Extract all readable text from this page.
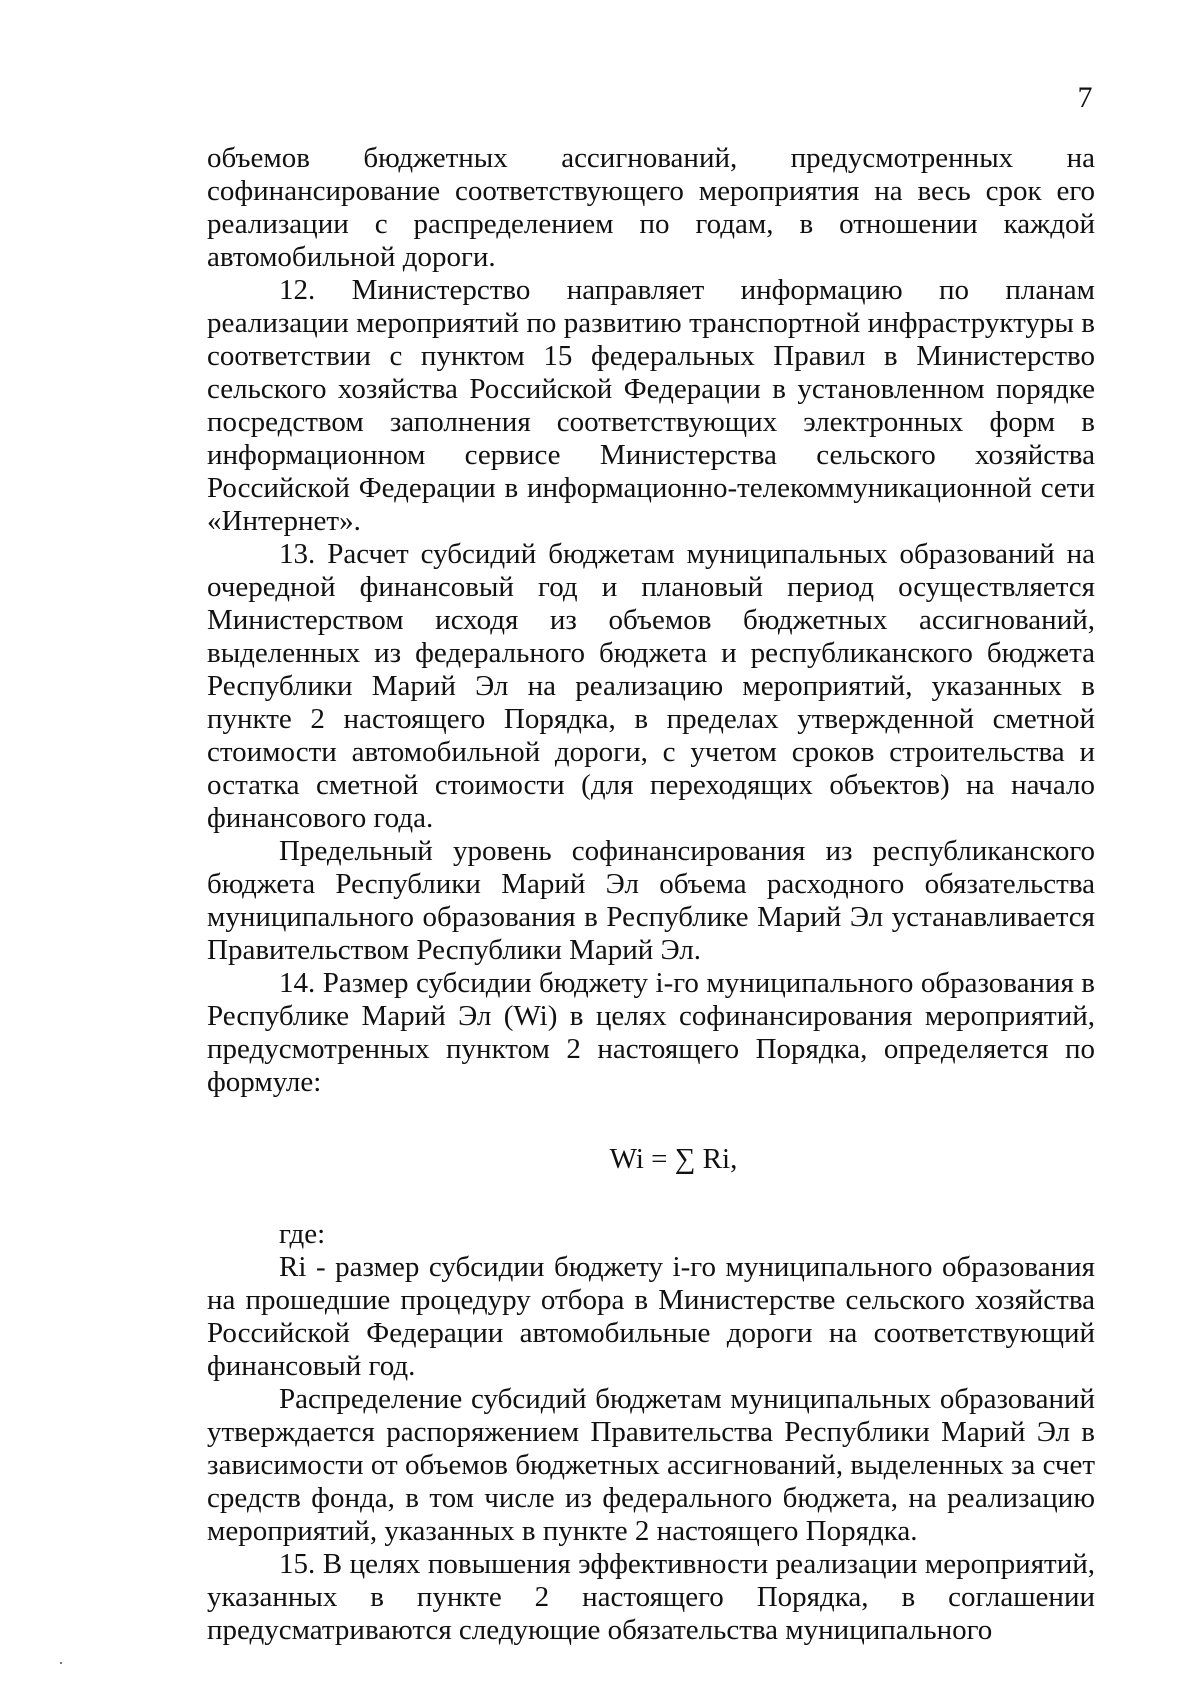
7

объемов бюджетных ассигнований, предусмотренных на софинансирование соответствующего мероприятия на весь срок его реализации с распределением по годам, в отношении каждой автомобильной дороги.

12. Министерство направляет информацию по планам реализации мероприятий по развитию транспортной инфраструктуры в соответствии с пунктом 15 федеральных Правил в Министерство сельского хозяйства Российской Федерации в установленном порядке посредством заполнения соответствующих электронных форм в информационном сервисе Министерства сельского хозяйства Российской Федерации в информационно-телекоммуникационной сети «Интернет».

13. Расчет субсидий бюджетам муниципальных образований на очередной финансовый год и плановый период осуществляется Министерством исходя из объемов бюджетных ассигнований, выделенных из федерального бюджета и республиканского бюджета Республики Марий Эл на реализацию мероприятий, указанных в пункте 2 настоящего Порядка, в пределах утвержденной сметной стоимости автомобильной дороги, с учетом сроков строительства и остатка сметной стоимости (для переходящих объектов) на начало финансового года.

Предельный уровень софинансирования из республиканского бюджета Республики Марий Эл объема расходного обязательства муниципального образования в Республике Марий Эл устанавливается Правительством Республики Марий Эл.

14. Размер субсидии бюджету i-го муниципального образования в Республике Марий Эл (Wi) в целях софинансирования мероприятий, предусмотренных пунктом 2 настоящего Порядка, определяется по формуле:

Wi = ∑ Ri,

где:

Ri - размер субсидии бюджету i-го муниципального образования на прошедшие процедуру отбора в Министерстве сельского хозяйства Российской Федерации автомобильные дороги на соответствующий финансовый год.

Распределение субсидий бюджетам муниципальных образований утверждается распоряжением Правительства Республики Марий Эл в зависимости от объемов бюджетных ассигнований, выделенных за счет средств фонда, в том числе из федерального бюджета, на реализацию мероприятий, указанных в пункте 2 настоящего Порядка.

15. В целях повышения эффективности реализации мероприятий, указанных в пункте 2 настоящего Порядка, в соглашении предусматриваются следующие обязательства муниципального
